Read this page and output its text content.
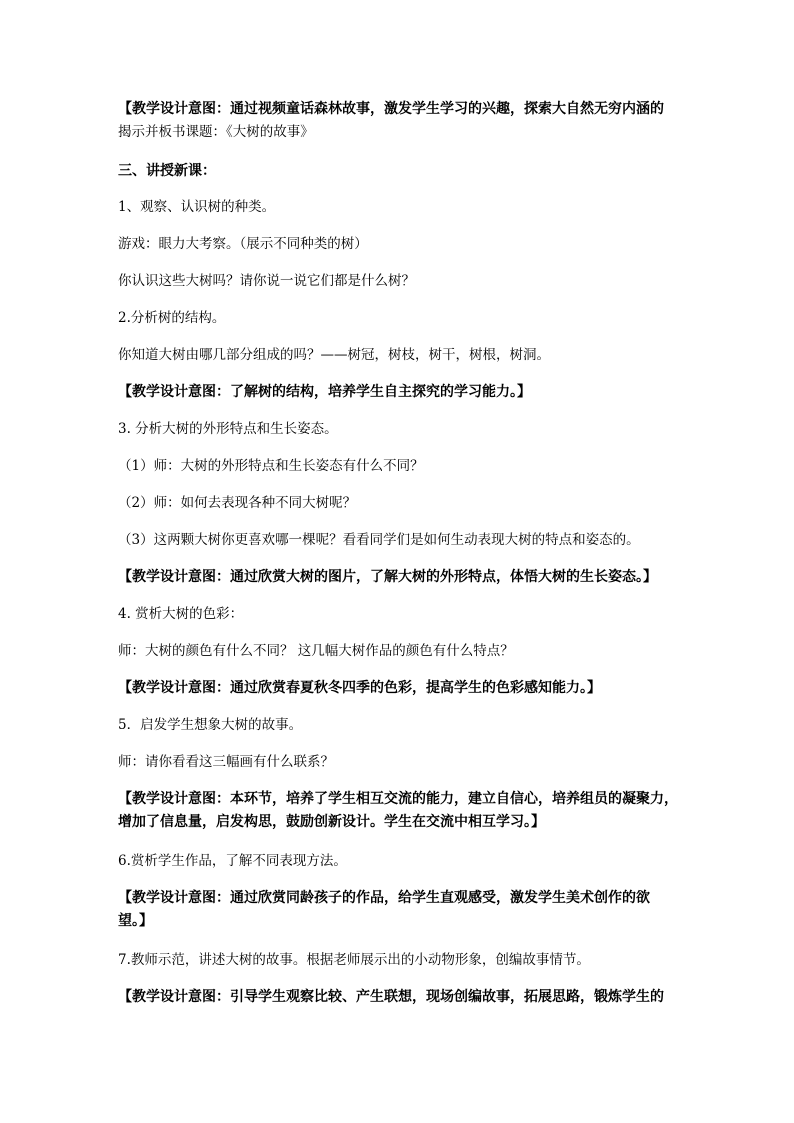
【教学设计意图：通过视频童话森林故事，激发学生学习的兴趣，探索大自然无穷内涵的
揭示并板书课题：《大树的故事》
三、讲授新课：
1、观察、认识树的种类。
游戏：眼力大考察。（展示不同种类的树）
你认识这些大树吗？请你说一说它们都是什么树？
2.分析树的结构。
你知道大树由哪几部分组成的吗？——树冠，树枝，树干，树根，树洞。
【教学设计意图：了解树的结构，培养学生自主探究的学习能力。】
3. 分析大树的外形特点和生长姿态。
（1）师：大树的外形特点和生长姿态有什么不同？
（2）师：如何去表现各种不同大树呢？
（3）这两颗大树你更喜欢哪一棵呢？看看同学们是如何生动表现大树的特点和姿态的。
【教学设计意图：通过欣赏大树的图片，了解大树的外形特点，体悟大树的生长姿态。】
4. 赏析大树的色彩：
师：大树的颜色有什么不同？ 这几幅大树作品的颜色有什么特点？
【教学设计意图：通过欣赏春夏秋冬四季的色彩，提高学生的色彩感知能力。】
5．启发学生想象大树的故事。
师：请你看看这三幅画有什么联系？
【教学设计意图：本环节，培养了学生相互交流的能力，建立自信心，培养组员的凝聚力，
增加了信息量，启发构思，鼓励创新设计。学生在交流中相互学习。】
6.赏析学生作品，了解不同表现方法。
【教学设计意图：通过欣赏同龄孩子的作品，给学生直观感受，激发学生美术创作的欲
望。】
7.教师示范，讲述大树的故事。根据老师展示出的小动物形象，创编故事情节。
【教学设计意图：引导学生观察比较、产生联想，现场创编故事，拓展思路，锻炼学生的
